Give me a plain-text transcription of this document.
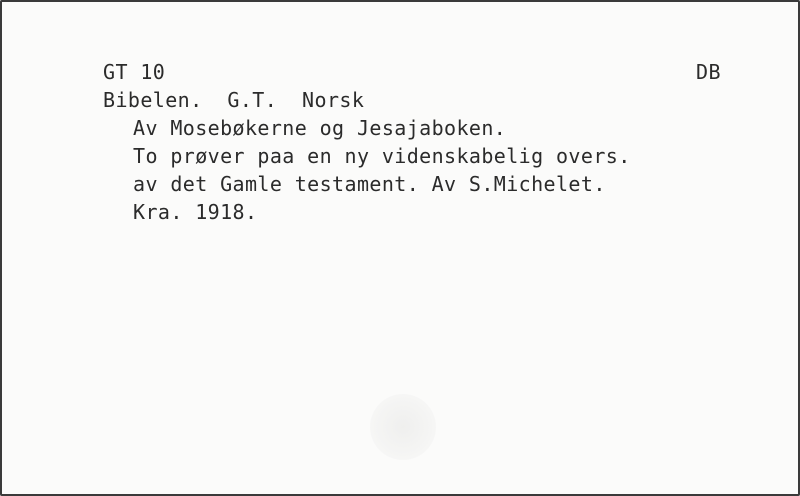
GT 10	DB
Bibelen.  G.T.  Norsk
Av Mosebøkerne og Jesajaboken.
To prøver paa en ny videnskabelig overs.
av det Gamle testament. Av S.Michelet.
Kra. 1918.
